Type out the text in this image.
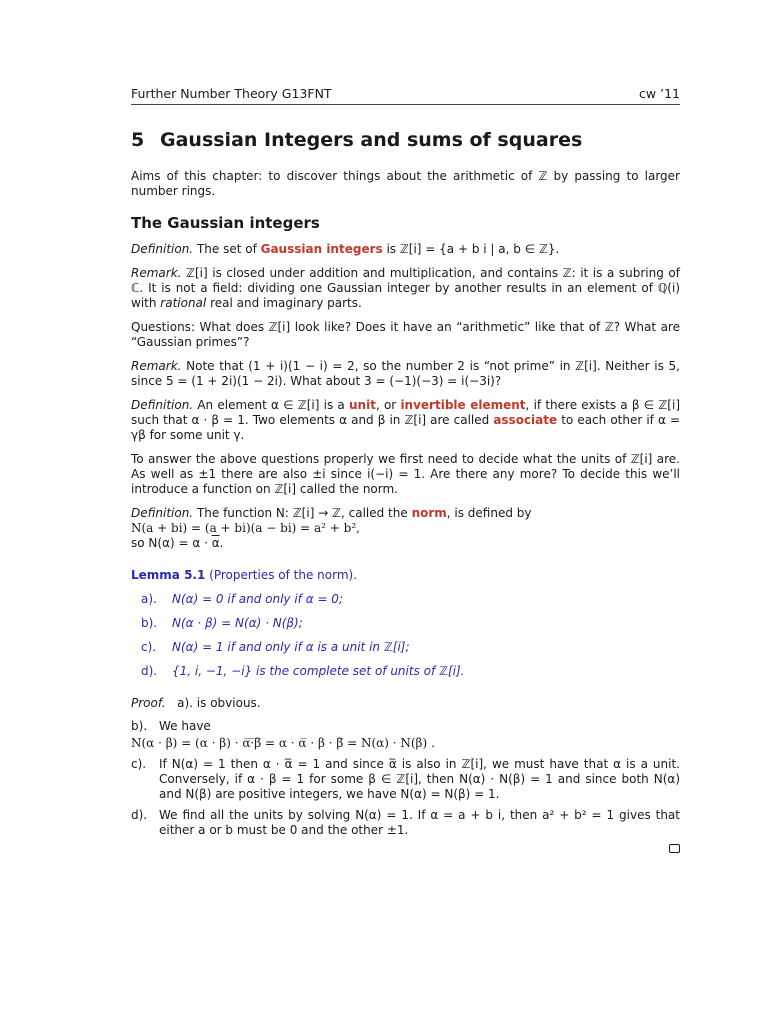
Further Number Theory G13FNT	cw ’11
5 Gaussian Integers and sums of squares

Aims of this chapter: to discover things about the arithmetic of ℤ by passing to larger number rings.

The Gaussian integers

Definition. The set of Gaussian integers is ℤ[i] = {a + b i | a, b ∈ ℤ}.

Remark. ℤ[i] is closed under addition and multiplication, and contains ℤ: it is a subring of ℂ. It is not a field: dividing one Gaussian integer by another results in an element of ℚ(i) with rational real and imaginary parts.

Questions: What does ℤ[i] look like? Does it have an “arithmetic” like that of ℤ? What are “Gaussian primes”?

Remark. Note that (1 + i)(1 − i) = 2, so the number 2 is “not prime” in ℤ[i]. Neither is 5, since 5 = (1 + 2i)(1 − 2i). What about 3 = (−1)(−3) = i(−3i)?

Definition. An element α ∈ ℤ[i] is a unit, or invertible element, if there exists a β ∈ ℤ[i] such that α · β = 1. Two elements α and β in ℤ[i] are called associate to each other if α = γβ for some unit γ.

To answer the above questions properly we first need to decide what the units of ℤ[i] are. As well as ±1 there are also ±i since i(−i) = 1. Are there any more? To decide this we’ll introduce a function on ℤ[i] called the norm.

Definition. The function N: ℤ[i] → ℤ, called the norm, is defined by

N(a + bi) = (a + bi)(a − bi) = a² + b²,

so $N(\alpha) = \alpha \cdot \overline{\alpha}$.

Lemma 5.1 (Properties of the norm).

a). N(α) = 0 if and only if α = 0;

b). N(α · β) = N(α) · N(β);

c). N(α) = 1 if and only if α is a unit in ℤ[i];

d). {1, i, −1, −i} is the complete set of units of ℤ[i].

Proof. a). is obvious.

b). We have

N(α · β) = (α · β) · α̅·̅β̅ = α · α̅ · β · β̅ = N(α) · N(β) .

c).	If N(α) = 1 then α · α̅ = 1 and since α̅ is also in ℤ[i], we must have that α is a unit. Conversely, if α · β = 1 for some β ∈ ℤ[i], then N(α) · N(β) = 1 and since both N(α) and N(β) are positive integers, we have N(α) = N(β) = 1.
d). We find all the units by solving N(α) = 1. If α = a + b i, then a² + b² = 1 gives that either a or b must be 0 and the other ±1.
